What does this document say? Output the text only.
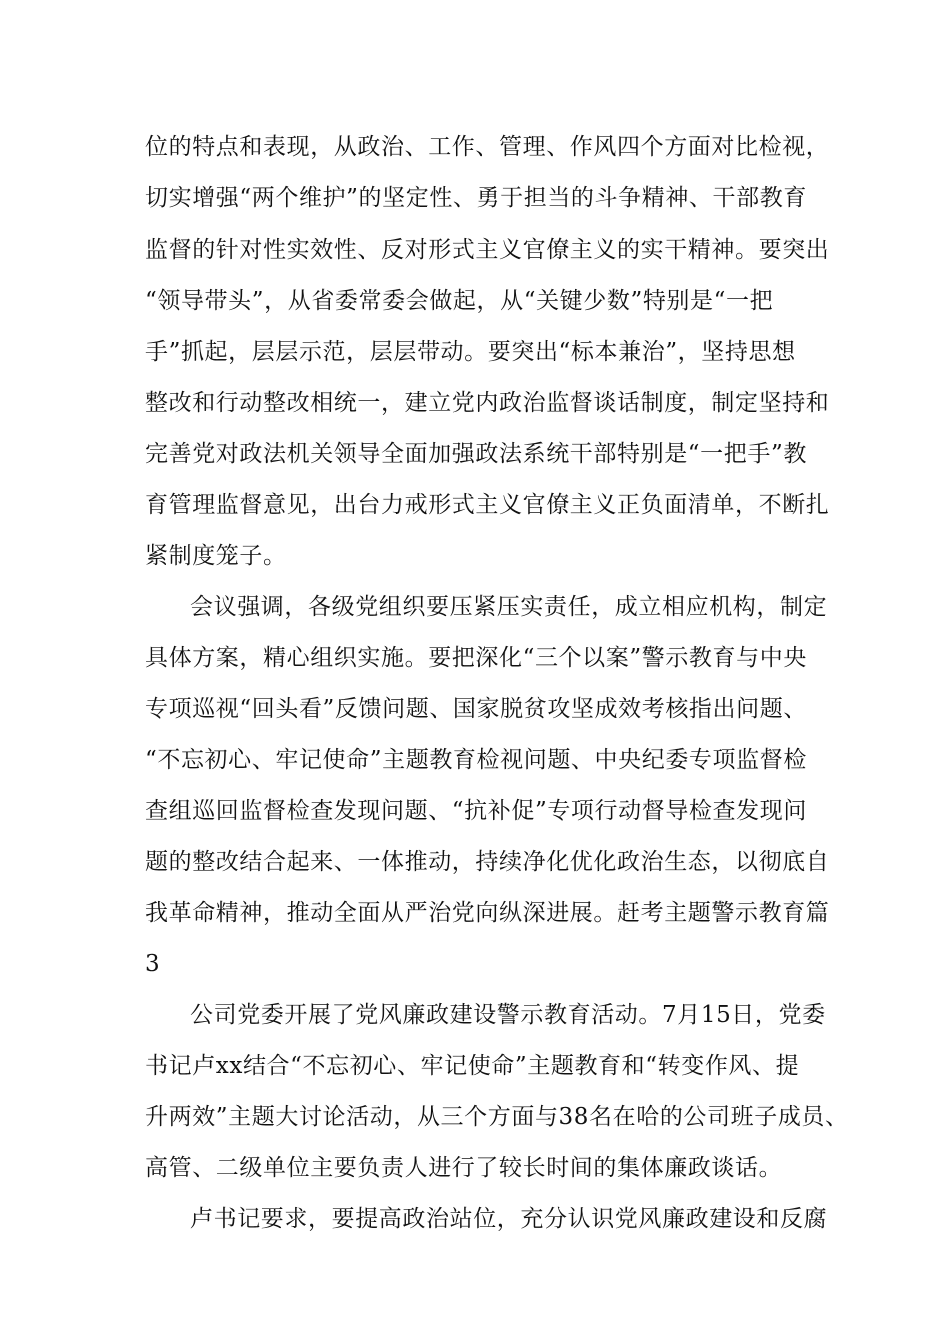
位的特点和表现，从政治、工作、管理、作风四个方面对比检视，

切实增强“两个维护”的坚定性、勇于担当的斗争精神、干部教育

监督的针对性实效性、反对形式主义官僚主义的实干精神。要突出

“领导带头”，从省委常委会做起，从“关键少数”特别是“一把

手”抓起，层层示范，层层带动。要突出“标本兼治”，坚持思想

整改和行动整改相统一，建立党内政治监督谈话制度，制定坚持和

完善党对政法机关领导全面加强政法系统干部特别是“一把手”教

育管理监督意见，出台力戒形式主义官僚主义正负面清单，不断扎

紧制度笼子。

会议强调，各级党组织要压紧压实责任，成立相应机构，制定

具体方案，精心组织实施。要把深化“三个以案”警示教育与中央

专项巡视“回头看”反馈问题、国家脱贫攻坚成效考核指出问题、

“不忘初心、牢记使命”主题教育检视问题、中央纪委专项监督检

查组巡回监督检查发现问题、“抗补促”专项行动督导检查发现问

题的整改结合起来、一体推动，持续净化优化政治生态，以彻底自

我革命精神，推动全面从严治党向纵深进展。赶考主题警示教育篇

3

公司党委开展了党风廉政建设警示教育活动。7月15日，党委

书记卢xx结合“不忘初心、牢记使命”主题教育和“转变作风、提

升两效”主题大讨论活动，从三个方面与38名在哈的公司班子成员、

高管、二级单位主要负责人进行了较长时间的集体廉政谈话。

卢书记要求，要提高政治站位，充分认识党风廉政建设和反腐
